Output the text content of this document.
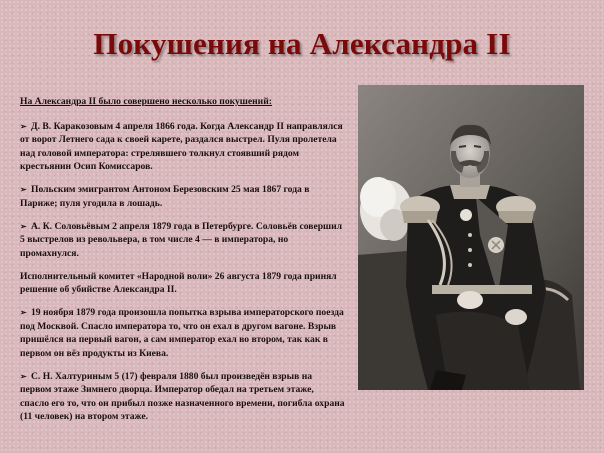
Покушения на Александра II

На Александра II было совершено несколько покушений:

➢ Д. В. Каракозовым 4 апреля 1866 года. Когда Александр II направлялся от ворот Летнего сада к своей карете, раздался выстрел. Пуля пролетела над головой императора: стрелявшего толкнул стоявший рядом крестьянин Осип Комиссаров.

➢ Польским эмигрантом Антоном Березовским 25 мая 1867 года в Париже; пуля угодила в лошадь.

➢ А. К. Соловьёвым 2 апреля 1879 года в Петербурге. Соловьёв совершил 5 выстрелов из револьвера, в том числе 4 — в императора, но промахнулся.

Исполнительный комитет «Народной воли» 26 августа 1879 года принял решение об убийстве Александра II.

➢ 19 ноября 1879 года произошла попытка взрыва императорского поезда под Москвой. Спасло императора то, что он ехал в другом вагоне. Взрыв пришёлся на первый вагон, а сам император ехал во втором, так как в первом он вёз продукты из Киева.

➢ С. Н. Халтуриным 5 (17) февраля 1880 был произведён взрыв на первом этаже Зимнего дворца. Император обедал на третьем этаже, спасло его то, что он прибыл позже назначенного времени, погибла охрана (11 человек) на втором этаже.
